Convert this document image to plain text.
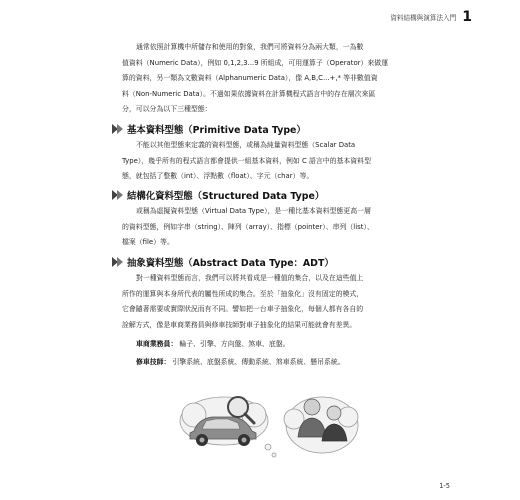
資料結構與演算法入門 1

通常依照計算機中所儲存和使用的對象，我們可將資料分為兩大類，一為數
值資料（Numeric Data），例如 0,1,2,3...9 所組成，可用運算子（Operator）來做運
算的資料，另一類為文數資料（Alphanumeric Data），像 A,B,C...+,* 等非數值資
料（Non-Numeric Data）。不過如果依據資料在計算機程式語言中的存在層次來區
分，可以分為以下三種型態：

基本資料型態（Primitive Data Type）

不能以其他型態來定義的資料型態，或稱為純量資料型態（Scalar Data
Type），幾乎所有的程式語言都會提供一組基本資料，例如 C 語言中的基本資料型
態，就包括了整數（int）、浮點數（float）、字元（char）等。

結構化資料型態（Structured Data Type）

或稱為虛擬資料型態（Virtual Data Type），是一種比基本資料型態更高一層
的資料型態，例如字串（string）、陣列（array）、指標（pointer）、串列（list）、
檔案（file）等。

抽象資料型態（Abstract Data Type：ADT）

對一種資料型態而言，我們可以將其看成是一種值的集合，以及在這些值上
所作的運算與本身所代表的屬性所成的集合。至於「抽象化」沒有固定的模式，
它會隨著需要或實際狀況而有不同。譬如把一台車子抽象化，每個人都有各自的
詮解方式，像是車商業務員與修車技師對車子抽象化的結果可能就會有差異。

車商業務員： 輪子、引擎、方向盤、煞車、底盤。
修車技師： 引擎系統、底盤系統、傳動系統、煞車系統、懸吊系統。
1-5
